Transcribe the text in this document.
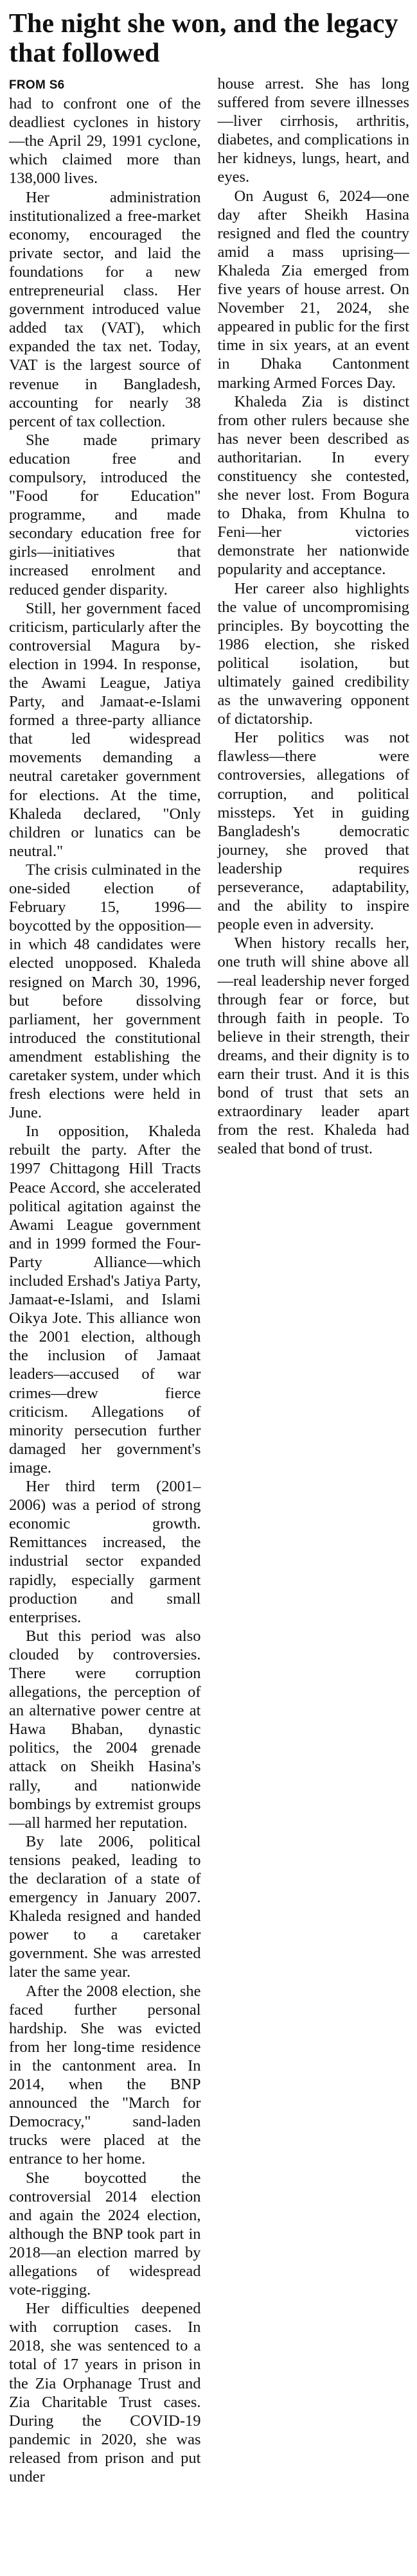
The night she won, and the legacy that followed

FROM S6
had to confront one of the deadliest cyclones in history—the April 29, 1991 cyclone, which claimed more than 138,000 lives.

Her administration institutionalized a free-market economy, encouraged the private sector, and laid the foundations for a new entrepreneurial class. Her government introduced value added tax (VAT), which expanded the tax net. Today, VAT is the largest source of revenue in Bangladesh, accounting for nearly 38 percent of tax collection.

She made primary education free and compulsory, introduced the "Food for Education" programme, and made secondary education free for girls—initiatives that increased enrolment and reduced gender disparity.

Still, her government faced criticism, particularly after the controversial Magura by-election in 1994. In response, the Awami League, Jatiya Party, and Jamaat-e-Islami formed a three-party alliance that led widespread movements demanding a neutral caretaker government for elections. At the time, Khaleda declared, "Only children or lunatics can be neutral."

The crisis culminated in the one-sided election of February 15, 1996—boycotted by the opposition—in which 48 candidates were elected unopposed. Khaleda resigned on March 30, 1996, but before dissolving parliament, her government introduced the constitutional amendment establishing the caretaker system, under which fresh elections were held in June.

In opposition, Khaleda rebuilt the party. After the 1997 Chittagong Hill Tracts Peace Accord, she accelerated political agitation against the Awami League government and in 1999 formed the Four-Party Alliance—which included Ershad's Jatiya Party, Jamaat-e-Islami, and Islami Oikya Jote. This alliance won the 2001 election, although the inclusion of Jamaat leaders—accused of war crimes—drew fierce criticism. Allegations of minority persecution further damaged her government's image.

Her third term (2001–2006) was a period of strong economic growth. Remittances increased, the industrial sector expanded rapidly, especially garment production and small enterprises.

But this period was also clouded by controversies. There were corruption allegations, the perception of an alternative power centre at Hawa Bhaban, dynastic politics, the 2004 grenade attack on Sheikh Hasina's rally, and nationwide bombings by extremist groups—all harmed her reputation.

By late 2006, political tensions peaked, leading to the declaration of a state of emergency in January 2007. Khaleda resigned and handed power to a caretaker government. She was arrested later the same year.

After the 2008 election, she faced further personal hardship. She was evicted from her long-time residence in the cantonment area. In 2014, when the BNP announced the "March for Democracy," sand-laden trucks were placed at the entrance to her home.

She boycotted the controversial 2014 election and again the 2024 election, although the BNP took part in 2018—an election marred by allegations of widespread vote-rigging.

Her difficulties deepened with corruption cases. In 2018, she was sentenced to a total of 17 years in prison in the Zia Orphanage Trust and Zia Charitable Trust cases. During the COVID-19 pandemic in 2020, she was released from prison and put under

house arrest. She has long suffered from severe illnesses—liver cirrhosis, arthritis, diabetes, and complications in her kidneys, lungs, heart, and eyes.

On August 6, 2024—one day after Sheikh Hasina resigned and fled the country amid a mass uprising—Khaleda Zia emerged from five years of house arrest. On November 21, 2024, she appeared in public for the first time in six years, at an event in Dhaka Cantonment marking Armed Forces Day.

Khaleda Zia is distinct from other rulers because she has never been described as authoritarian. In every constituency she contested, she never lost. From Bogura to Dhaka, from Khulna to Feni—her victories demonstrate her nationwide popularity and acceptance.

Her career also highlights the value of uncompromising principles. By boycotting the 1986 election, she risked political isolation, but ultimately gained credibility as the unwavering opponent of dictatorship.

Her politics was not flawless—there were controversies, allegations of corruption, and political missteps. Yet in guiding Bangladesh's democratic journey, she proved that leadership requires perseverance, adaptability, and the ability to inspire people even in adversity.

When history recalls her, one truth will shine above all—real leadership never forged through fear or force, but through faith in people. To believe in their strength, their dreams, and their dignity is to earn their trust. And it is this bond of trust that sets an extraordinary leader apart from the rest. Khaleda had sealed that bond of trust.
